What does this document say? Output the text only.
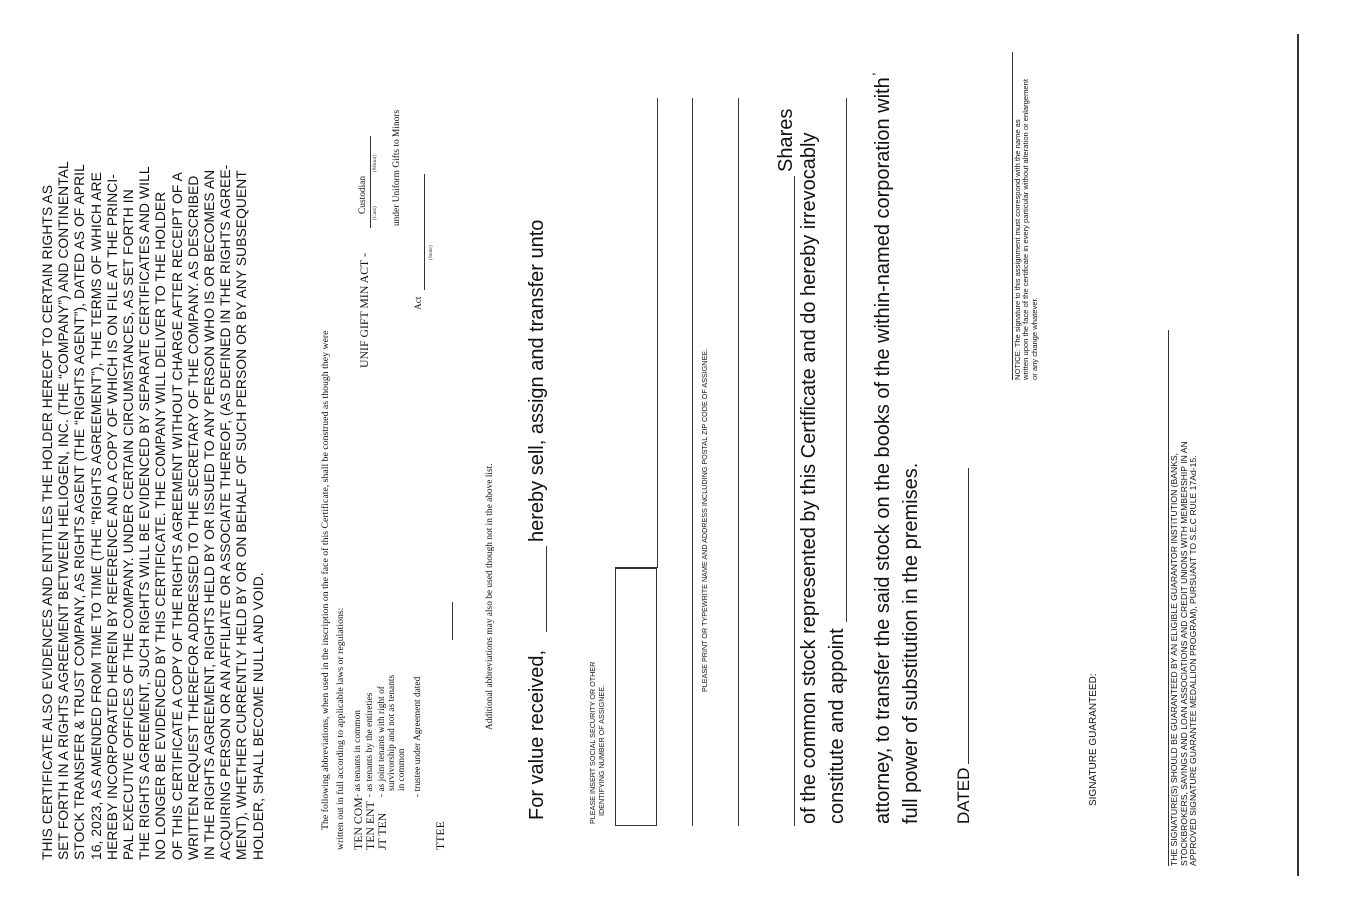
THIS CERTIFICATE ALSO EVIDENCES AND ENTITLES THE HOLDER HEREOF TO CERTAIN RIGHTS AS SET FORTH IN A RIGHTS AGREEMENT BETWEEN HELIOGEN, INC. (THE “COMPANY”) AND CONTINENTAL STOCK TRANSFER & TRUST COMPANY, AS RIGHTS AGENT (THE “RIGHTS AGENT”), DATED AS OF APRIL 16, 2023, AS AMENDED FROM TIME TO TIME (THE “RIGHTS AGREEMENT”), THE TERMS OF WHICH ARE HEREBY INCORPORATED HEREIN BY REFERENCE AND A COPY OF WHICH IS ON FILE AT THE PRINCI- PAL EXECUTIVE OFFICES OF THE COMPANY. UNDER CERTAIN CIRCUMSTANCES, AS SET FORTH IN THE RIGHTS AGREEMENT, SUCH RIGHTS WILL BE EVIDENCED BY SEPARATE CERTIFICATES AND WILL NO LONGER BE EVIDENCED BY THIS CERTIFICATE. THE COMPANY WILL DELIVER TO THE HOLDER OF THIS CERTIFICATE A COPY OF THE RIGHTS AGREEMENT WITHOUT CHARGE AFTER RECEIPT OF A WRITTEN REQUEST THEREFOR ADDRESSED TO THE SECRETARY OF THE COMPANY. AS DESCRIBED IN THE RIGHTS AGREEMENT, RIGHTS HELD BY OR ISSUED TO ANY PERSON WHO IS OR BECOMES AN ACQUIRING PERSON OR AN AFFILIATE OR ASSOCIATE THEREOF, (AS DEFINED IN THE RIGHTS AGREE- MENT), WHETHER CURRENTLY HELD BY OR ON BEHALF OF SUCH PERSON OR BY ANY SUBSEQUENT HOLDER, SHALL BECOME NULL AND VOID.	The following abbreviations, when used in the inscription on the face of this Certificate, shall be construed as though they were written out in full according to applicable laws or regulations: TEN COM
- as tenants in common
TEN ENT
- as tenants by the entireties
JT TEN
- as joint tenants with right of survivorship and not as tenants in common
TTEE
- trustee under Agreement dated
UNIF GIFT MIN ACT -
Custodian (Cust)
(Minor) under Uniform Gifts to Minors
Act
(State)
Additional abbreviations may also be used though not in the above list.
For value received,
hereby sell, assign and transfer unto
PLEASE INSERT SOCIAL SECURITY OR OTHER IDENTIFYING NUMBER OF ASSIGNEE.
PLEASE PRINT OR TYPEWRITE NAME AND ADDRESS INCLUDING POSTAL ZIP CODE OF ASSIGNEE.
Shares of the common stock represented by this Certificate and do hereby irrevocably constitute and appoint
,
attorney, to transfer the said stock on the books of the within-named corporation with full power of substitution in the premises. DATED
NOTICE: The signature to this assignment must correspond with the name as written upon the face of the certificate in every particular without alteration or enlargement or any change whatever.
SIGNATURE GUARANTEED:	THE SIGNATURE(S) SHOULD BE GUARANTEED BY AN ELIGIBLE GUARANTOR INSTITUTION (BANKS, STOCKBROKERS, SAVINGS AND LOAN ASSOCIATIONS AND CREDIT UNIONS WITH MEMBERSHIP IN AN APPROVED SIGNATURE GUARANTEE MEDALLION PROGRAM), PURSUANT TO S.E.C RULE 17Ad-15.
